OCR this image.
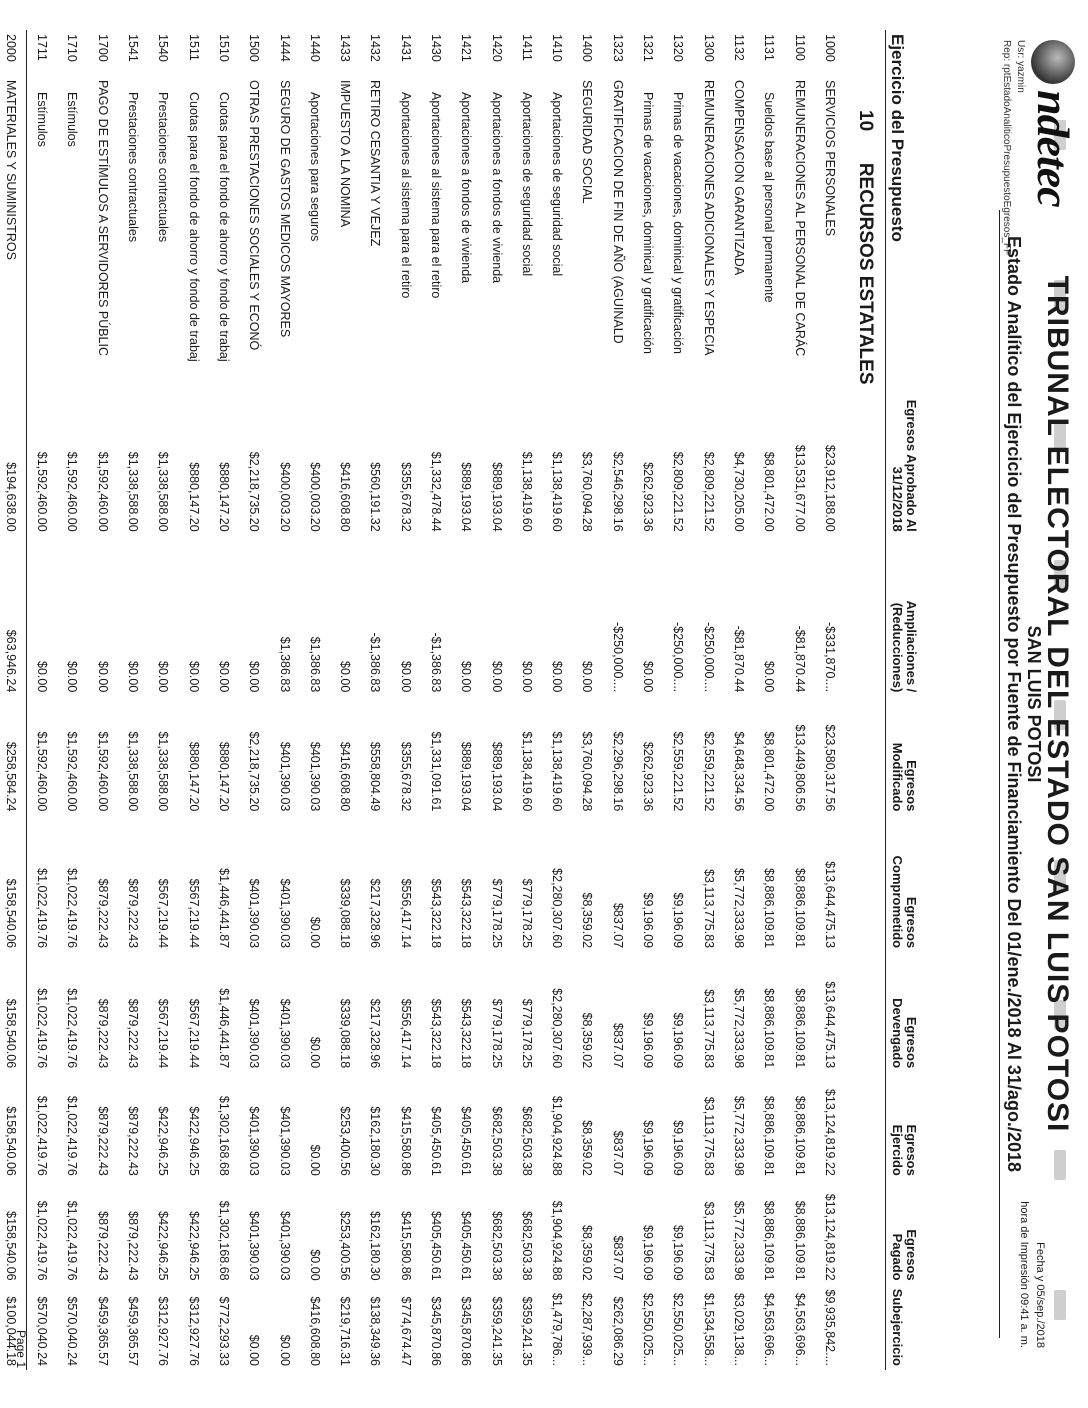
ndetec
Usr: yazmin
Rep: rptEstadoAnaliticoPresupuestoEgresos_FF
TRIBUNAL ELECTORAL DEL ESTADO SAN LUIS POTOSI
SAN LUIS POTOSI
Estado Analítico del Ejercicio del Presupuesto por Fuente de Financiamiento Del 01/ene./2018 Al 31/ago./2018
Fecha y 05/sep./2018
hora de Impresión 09:41 a. m.
Ejercicio del Presupuesto		Egresos Aprobado Al 31/12/2018	Ampliaciones / (Reducciones)	Egresos Modificado	Egresos Comprometido	Egresos Devengado	Egresos Ejercido	Egresos Pagado	Subejercicio
10      RECURSOS ESTATALES									
1000	SERVICIOS PERSONALES	$23,912,188.00	-$331,870....	$23,580,317.56	$13,644,475.13	$13,644,475.13	$13,124,819.22	$13,124,819.22	$9,935,842....
1100	REMUNERACIONES AL PERSONAL DE CARÁC	$13,531,677.00	-$81,870.44	$13,449,806.56	$8,886,109.81	$8,886,109.81	$8,886,109.81	$8,886,109.81	$4,563,696...
1131	Sueldos base al personal permanente	$8,801,472.00	$0.00	$8,801,472.00	$8,886,109.81	$8,886,109.81	$8,886,109.81	$8,886,109.81	$4,563,696...
1132	COMPENSACION GARANTIZADA	$4,730,205.00	-$81,870.44	$4,648,334.56	$5,772,333.98	$5,772,333.98	$5,772,333.98	$5,772,333.98	$3,029,138...
1300	REMUNERACIONES ADICIONALES Y ESPECIA	$2,809,221.52	-$250,000....	$2,559,221.52	$3,113,775.83	$3,113,775.83	$3,113,775.83	$3,113,775.83	$1,534,558...
1320	Primas de vacaciones, dominical y gratificación	$2,809,221.52	-$250,000....	$2,559,221.52	$9,196.09	$9,196.09	$9,196.09	$9,196.09	$2,550,025...
1321	Primas de vacaciones, dominical y gratificación	$262,923.36	$0.00	$262,923.36	$9,196.09	$9,196.09	$9,196.09	$9,196.09	$2,550,025...
1323	GRATIFICACION DE FIN DE AÑO (AGUINALD	$2,546,298.16	-$250,000....	$2,296,298.16	$837.07	$837.07	$837.07	$837.07	$262,086.29
1400	SEGURIDAD SOCIAL	$3,760,094.28	$0.00	$3,760,094.28	$8,359.02	$8,359.02	$8,359.02	$8,359.02	$2,287,939...
1410	Aportaciones de seguridad social	$1,138,419.60	$0.00	$1,138,419.60	$2,280,307.60	$2,280,307.60	$1,904,924.88	$1,904,924.88	$1,479,786...
1411	Aportaciones de seguridad social	$1,138,419.60	$0.00	$1,138,419.60	$779,178.25	$779,178.25	$682,503.38	$682,503.38	$359,241.35
1420	Aportaciones a fondos de vivienda	$889,193.04	$0.00	$889,193.04	$779,178.25	$779,178.25	$682,503.38	$682,503.38	$359,241.35
1421	Aportaciones a fondos de vivienda	$889,193.04	$0.00	$889,193.04	$543,322.18	$543,322.18	$405,450.61	$405,450.61	$345,870.86
1430	Aportaciones al sistema para el retiro	$1,332,478.44	-$1,386.83	$1,331,091.61	$543,322.18	$543,322.18	$405,450.61	$405,450.61	$345,870.86
1431	Aportaciones al sistema para el retiro	$355,678.32	$0.00	$355,678.32	$556,417.14	$556,417.14	$415,580.86	$415,580.86	$774,674.47
1432	RETIRO CESANTIA Y VEJEZ	$560,191.32	-$1,386.83	$558,804.49	$217,328.96	$217,328.96	$162,180.30	$162,180.30	$138,349.36
1433	IMPUESTO A LA NOMINA	$416,608.80	$0.00	$416,608.80	$339,088.18	$339,088.18	$253,400.56	$253,400.56	$219,716.31
1440	Aportaciones para seguros	$400,003.20	$1,386.83	$401,390.03	$0.00	$0.00	$0.00	$0.00	$416,608.80
1444	SEGURO DE GASTOS MEDICOS MAYORES	$400,003.20	$1,386.83	$401,390.03	$401,390.03	$401,390.03	$401,390.03	$401,390.03	$0.00
1500	OTRAS PRESTACIONES SOCIALES Y ECONÓ	$2,218,735.20	$0.00	$2,218,735.20	$401,390.03	$401,390.03	$401,390.03	$401,390.03	$0.00
1510	Cuotas para el fondo de ahorro y fondo de trabaj	$880,147.20	$0.00	$880,147.20	$1,446,441.87	$1,446,441.87	$1,302,168.68	$1,302,168.68	$772,293.33
1511	Cuotas para el fondo de ahorro y fondo de trabaj	$880,147.20	$0.00	$880,147.20	$567,219.44	$567,219.44	$422,946.25	$422,946.25	$312,927.76
1540	Prestaciones contractuales	$1,338,588.00	$0.00	$1,338,588.00	$567,219.44	$567,219.44	$422,946.25	$422,946.25	$312,927.76
1541	Prestaciones contractuales	$1,338,588.00	$0.00	$1,338,588.00	$879,222.43	$879,222.43	$879,222.43	$879,222.43	$459,365.57
1700	PAGO DE ESTÍMULOS A SERVIDORES PÚBLIC	$1,592,460.00	$0.00	$1,592,460.00	$879,222.43	$879,222.43	$879,222.43	$879,222.43	$459,365.57
1710	Estímulos	$1,592,460.00	$0.00	$1,592,460.00	$1,022,419.76	$1,022,419.76	$1,022,419.76	$1,022,419.76	$570,040.24
1711	Estímulos	$1,592,460.00	$0.00	$1,592,460.00	$1,022,419.76	$1,022,419.76	$1,022,419.76	$1,022,419.76	$570,040.24
2000	MATERIALES Y SUMINISTROS	$194,638.00	$63,946.24	$258,584.24	$158,540.06	$158,540.06	$158,540.06	$158,540.06	$100,044.18

Page 1
